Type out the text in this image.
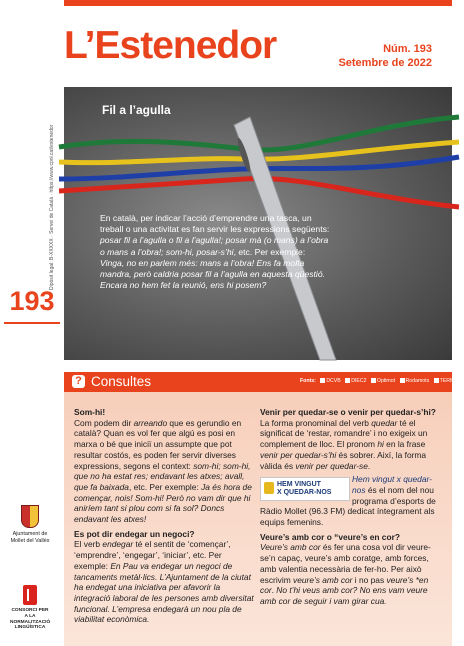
L’Estenedor	Núm. 193
Setembre de 2022
Dipòsit legal: B-XXXXX · Servei de Català · https://www.cpnl.cat/estenedor
193
Fil a l’agulla
En català, per indicar l’acció d’emprendre una tasca, un treball o una activitat es fan servir les expressions següents: posar fil a l’agulla o fil a l’agulla!; posar mà (o mans) a l’obra o mans a l’obra!; som-hi, posar-s’hi, etc. Per exemple: Vinga, no en parlem més: mans a l’obra! Ens fa molta mandra, però caldria posar fil a l’agulla en aquesta qüestió. Encara no hem fet la reunió, ens hi posem?
? Consultes	Fonts: DCVB DIEC2 Optimot Rodamots TERMCAT
Som-hi!

Com podem dir arreando que es gerundio en català? Quan es vol fer que algú es posi en marxa o bé que iniciï un assumpte que pot resultar costós, es poden fer servir diverses expressions, segons el context: som-hi; som-hi, que no ha estat res; endavant les atxes; avall, que fa baixada, etc. Per exemple: Ja és hora de començar, nois! Som-hi! Però no vam dir que hi aniríem tant si plou com si fa sol? Doncs endavant les atxes!

Es pot dir endegar un negoci?

El verb endegar té el sentit de ‘començar’, ‘emprendre’, ‘engegar’, ‘iniciar’, etc. Per exemple: En Pau va endegar un negoci de tancaments metàl·lics. L’Ajuntament de la ciutat ha endegat una iniciativa per afavorir la integració laboral de les persones amb diversitat funcional. L’empresa endegarà un nou pla de viabilitat econòmica.

Venir per quedar-se o venir per quedar-s’hi?

La forma pronominal del verb quedar té el significat de ‘restar, romandre’ i no exigeix un complement de lloc. El pronom hi en la frase venir per quedar-s’hi és sobrer. Així, la forma vàlida és venir per quedar-se.

HEM VINGUT
X QUEDAR-NOS
Hem vingut x quedar-nos és el nom del nou programa d’esports de Ràdio Mollet (96.3 FM) dedicat íntegrament als equips femenins.

Veure’s amb cor o “veure’s en cor?

Veure’s amb cor és fer una cosa vol dir veure-se’n capaç, veure’s amb coratge, amb forces, amb valentia necessària de fer-ho. Per això escrivim veure’s amb cor i no pas veure’s *en cor. No t’hi veus amb cor? No ens vam veure amb cor de seguir i vam girar cua.

Ajuntament de Mollet del Vallès
CONSORCI PER A LA
NORMALITZACIÓ
LINGÜÍSTICA
